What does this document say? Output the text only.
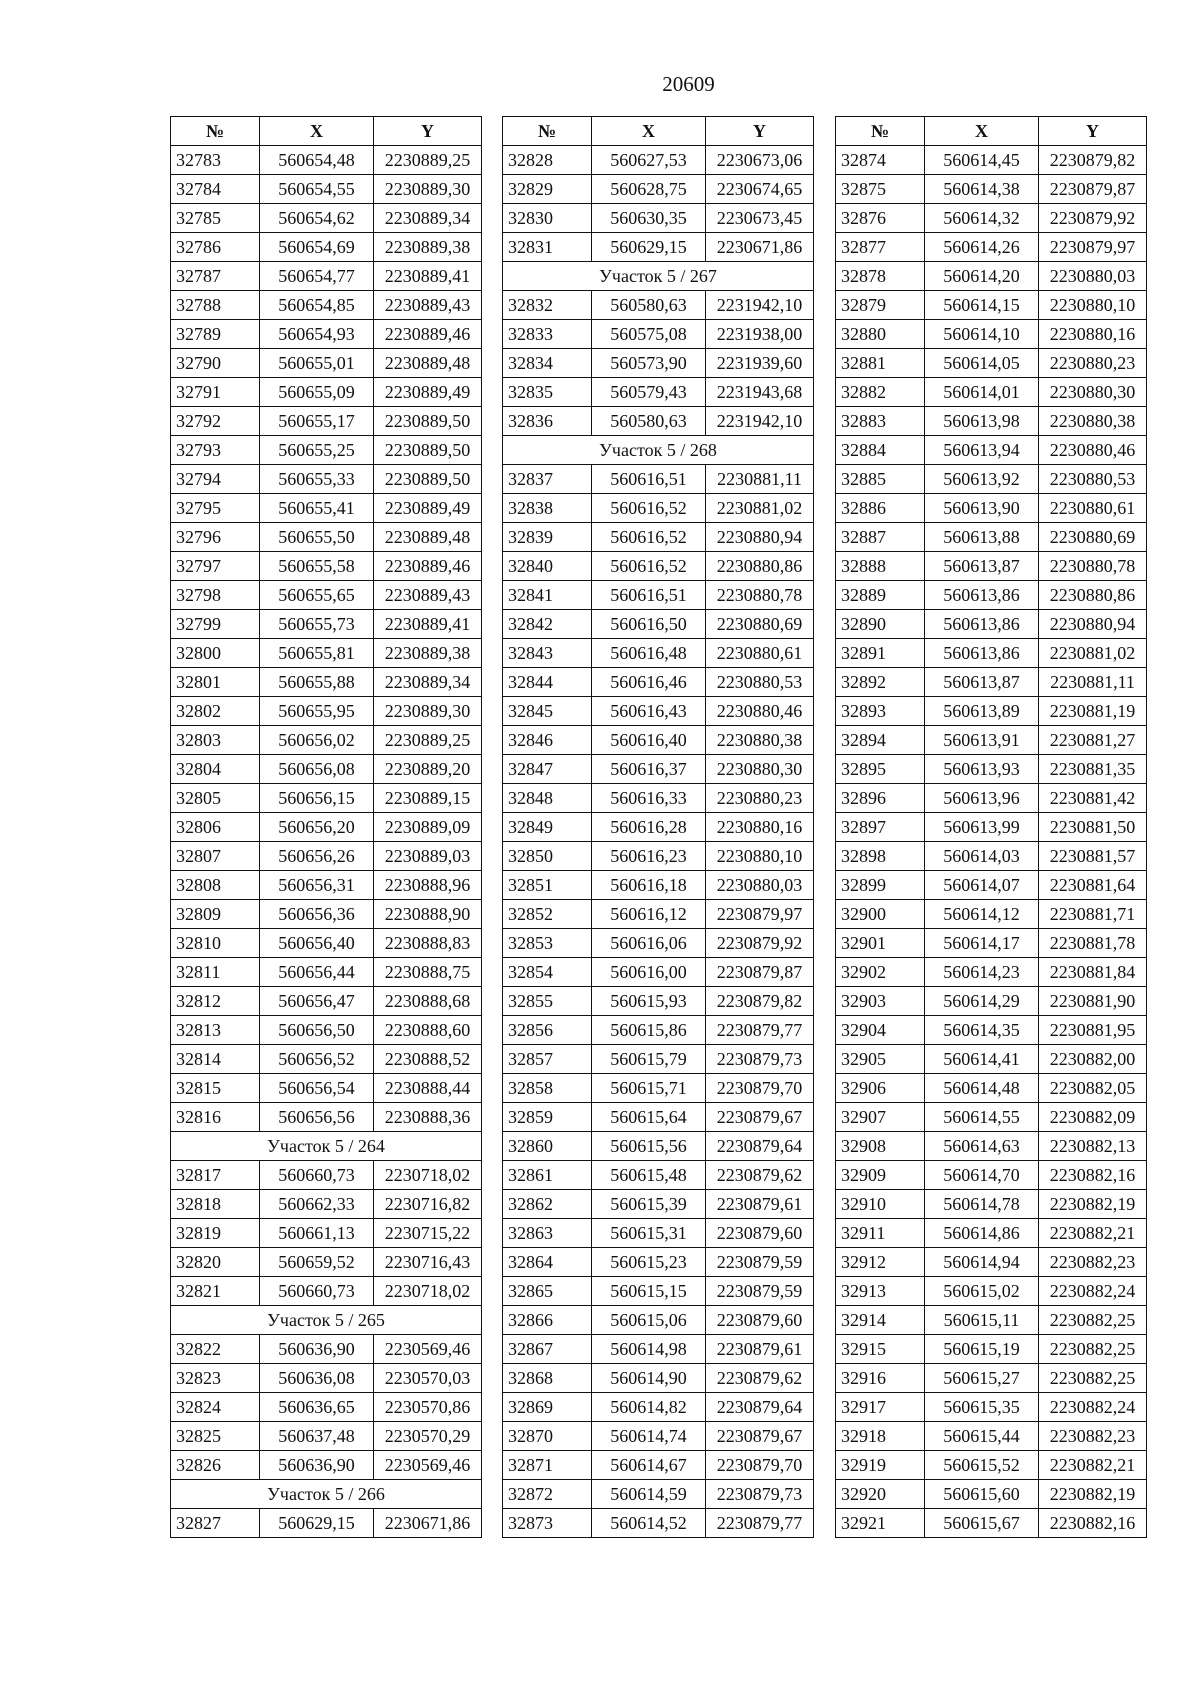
20609
№	X	Y
32783	560654,48	2230889,25
32784	560654,55	2230889,30
32785	560654,62	2230889,34
32786	560654,69	2230889,38
32787	560654,77	2230889,41
32788	560654,85	2230889,43
32789	560654,93	2230889,46
32790	560655,01	2230889,48
32791	560655,09	2230889,49
32792	560655,17	2230889,50
32793	560655,25	2230889,50
32794	560655,33	2230889,50
32795	560655,41	2230889,49
32796	560655,50	2230889,48
32797	560655,58	2230889,46
32798	560655,65	2230889,43
32799	560655,73	2230889,41
32800	560655,81	2230889,38
32801	560655,88	2230889,34
32802	560655,95	2230889,30
32803	560656,02	2230889,25
32804	560656,08	2230889,20
32805	560656,15	2230889,15
32806	560656,20	2230889,09
32807	560656,26	2230889,03
32808	560656,31	2230888,96
32809	560656,36	2230888,90
32810	560656,40	2230888,83
32811	560656,44	2230888,75
32812	560656,47	2230888,68
32813	560656,50	2230888,60
32814	560656,52	2230888,52
32815	560656,54	2230888,44
32816	560656,56	2230888,36
Участок 5 / 264		
32817	560660,73	2230718,02
32818	560662,33	2230716,82
32819	560661,13	2230715,22
32820	560659,52	2230716,43
32821	560660,73	2230718,02
Участок 5 / 265		
32822	560636,90	2230569,46
32823	560636,08	2230570,03
32824	560636,65	2230570,86
32825	560637,48	2230570,29
32826	560636,90	2230569,46
Участок 5 / 266		
32827	560629,15	2230671,86
№	X	Y
32828	560627,53	2230673,06
32829	560628,75	2230674,65
32830	560630,35	2230673,45
32831	560629,15	2230671,86
Участок 5 / 267		
32832	560580,63	2231942,10
32833	560575,08	2231938,00
32834	560573,90	2231939,60
32835	560579,43	2231943,68
32836	560580,63	2231942,10
Участок 5 / 268		
32837	560616,51	2230881,11
32838	560616,52	2230881,02
32839	560616,52	2230880,94
32840	560616,52	2230880,86
32841	560616,51	2230880,78
32842	560616,50	2230880,69
32843	560616,48	2230880,61
32844	560616,46	2230880,53
32845	560616,43	2230880,46
32846	560616,40	2230880,38
32847	560616,37	2230880,30
32848	560616,33	2230880,23
32849	560616,28	2230880,16
32850	560616,23	2230880,10
32851	560616,18	2230880,03
32852	560616,12	2230879,97
32853	560616,06	2230879,92
32854	560616,00	2230879,87
32855	560615,93	2230879,82
32856	560615,86	2230879,77
32857	560615,79	2230879,73
32858	560615,71	2230879,70
32859	560615,64	2230879,67
32860	560615,56	2230879,64
32861	560615,48	2230879,62
32862	560615,39	2230879,61
32863	560615,31	2230879,60
32864	560615,23	2230879,59
32865	560615,15	2230879,59
32866	560615,06	2230879,60
32867	560614,98	2230879,61
32868	560614,90	2230879,62
32869	560614,82	2230879,64
32870	560614,74	2230879,67
32871	560614,67	2230879,70
32872	560614,59	2230879,73
32873	560614,52	2230879,77
№	X	Y
32874	560614,45	2230879,82
32875	560614,38	2230879,87
32876	560614,32	2230879,92
32877	560614,26	2230879,97
32878	560614,20	2230880,03
32879	560614,15	2230880,10
32880	560614,10	2230880,16
32881	560614,05	2230880,23
32882	560614,01	2230880,30
32883	560613,98	2230880,38
32884	560613,94	2230880,46
32885	560613,92	2230880,53
32886	560613,90	2230880,61
32887	560613,88	2230880,69
32888	560613,87	2230880,78
32889	560613,86	2230880,86
32890	560613,86	2230880,94
32891	560613,86	2230881,02
32892	560613,87	2230881,11
32893	560613,89	2230881,19
32894	560613,91	2230881,27
32895	560613,93	2230881,35
32896	560613,96	2230881,42
32897	560613,99	2230881,50
32898	560614,03	2230881,57
32899	560614,07	2230881,64
32900	560614,12	2230881,71
32901	560614,17	2230881,78
32902	560614,23	2230881,84
32903	560614,29	2230881,90
32904	560614,35	2230881,95
32905	560614,41	2230882,00
32906	560614,48	2230882,05
32907	560614,55	2230882,09
32908	560614,63	2230882,13
32909	560614,70	2230882,16
32910	560614,78	2230882,19
32911	560614,86	2230882,21
32912	560614,94	2230882,23
32913	560615,02	2230882,24
32914	560615,11	2230882,25
32915	560615,19	2230882,25
32916	560615,27	2230882,25
32917	560615,35	2230882,24
32918	560615,44	2230882,23
32919	560615,52	2230882,21
32920	560615,60	2230882,19
32921	560615,67	2230882,16
